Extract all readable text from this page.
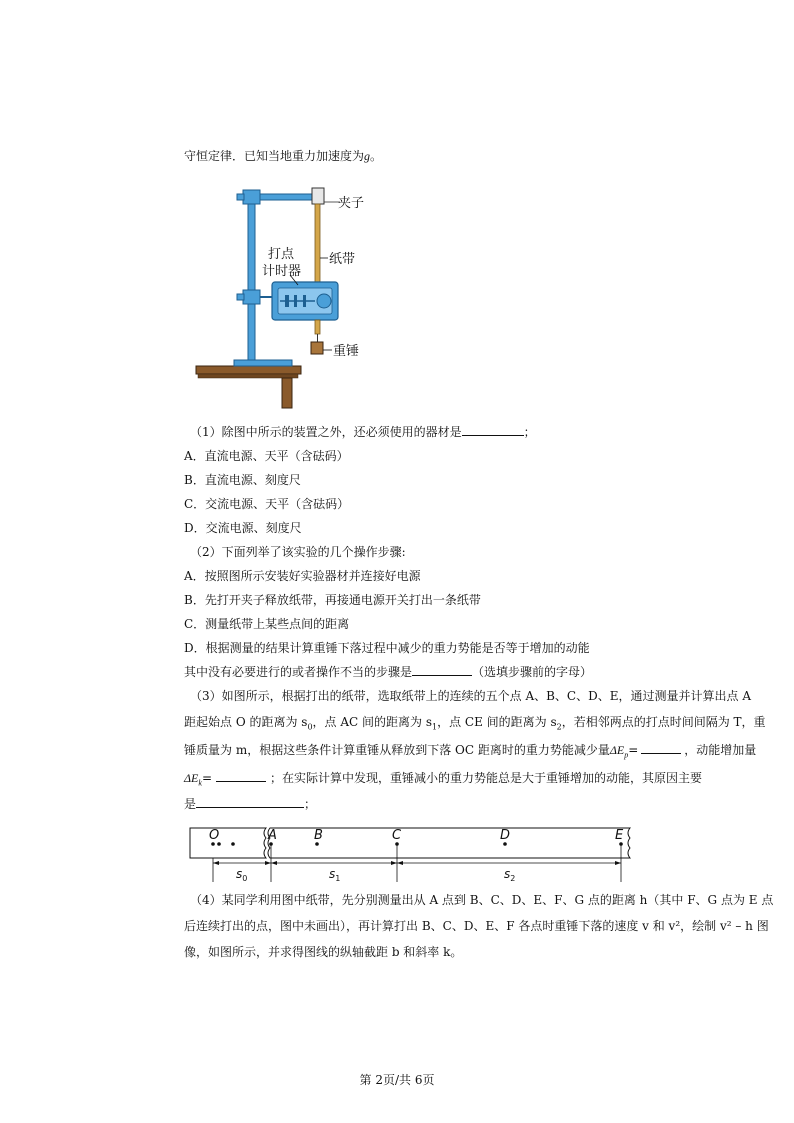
守恒定律．已知当地重力加速度为g。
夹子
纸带
打点
计时器
重锤
（1）除图中所示的装置之外，还必须使用的器材是	；
A．直流电源、天平（含砝码）
B．直流电源、刻度尺
C．交流电源、天平（含砝码）
D．交流电源、刻度尺
（2）下面列举了该实验的几个操作步骤:
A．按照图所示安装好实验器材并连接好电源
B．先打开夹子释放纸带，再接通电源开关打出一条纸带
C．测量纸带上某些点间的距离
D．根据测量的结果计算重锤下落过程中减少的重力势能是否等于增加的动能
其中没有必要进行的或者操作不当的步骤是	（选填步骤前的字母）
（3）如图所示，根据打出的纸带，选取纸带上的连续的五个点 A、B、C、D、E，通过测量并计算出点 A
距起始点 O 的距离为 $s_0$，点 AC 间的距离为 $s_1$，点 CE 间的距离为 $s_2$，若相邻两点的打点时间间隔为 T，重
锤质量为 m，根据这些条件计算重锤从释放到下落 OC 距离时的重力势能减少量$\Delta E_p=$	，动能增加量
$\Delta E_k=$	；在实际计算中发现，重锤减小的重力势能总是大于重锤增加的动能，其原因主要
是	；
O	A	B	C	D	E
$s_0$	$s_1$	$s_2$
（4）某同学利用图中纸带，先分别测量出从 A 点到 B、C、D、E、F、G 点的距离 h（其中 F、G 点为 E 点
后连续打出的点，图中未画出），再计算打出 B、C、D、E、F 各点时重锤下落的速度 v 和 v²，绘制 v² – h 图
像，如图所示，并求得图线的纵轴截距 b 和斜率 k。
第 2页/共 6页
